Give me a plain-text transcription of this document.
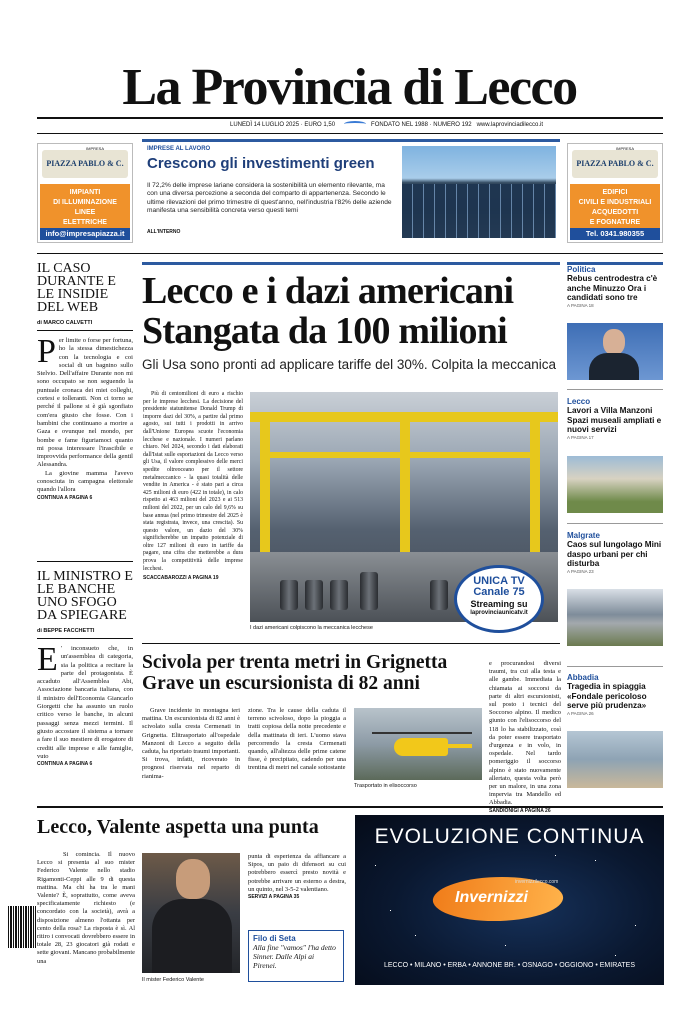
La Provincia di Lecco
LUNEDÌ 14 LUGLIO 2025 · EURO 1,50	FONDATO NEL 1988 · NUMERO 192 www.laprovinciadilecco.it
PIAZZA PABLO & C.
IMPIANTI
DI ILLUMINAZIONE
LINEE
ELETTRICHE
info@impresapiazza.it
IMPRESA	IMPRESE AL LAVORO
Crescono gli investimenti green
Il 72,2% delle imprese lariane considera la sostenibilità un elemento rilevante, ma con una diversa percezione a seconda del comparto di appartenenza. Secondo le ultime rilevazioni del primo trimestre di quest'anno, nell'industria l'82% delle aziende manifesta una sensibilità concreta verso questi temi
ALL'INTERNO
PIAZZA PABLO & C.
EDIFICI
CIVILI E INDUSTRIALI
ACQUEDOTTI
E FOGNATURE
Tel. 0341.980355
IMPRESA
IL CASO DURANTE E LE INSIDIE DEL WEB
di MARCO CALVETTI
Per limite o forse per fortuna, ho la stessa dimestichezza con la tecnologia e coi social di un bagnino sullo Stelvio. Dell'affaire Durante non mi sono occupato se non seguendo la puntuale cronaca dei miei colleghi, cortesi e tolleranti. Non ci torno se perché il pallone si è già sgonfiato com'era giusto che fosse. Con i bambini che continuano a morire a Gaza e ovunque nel mondo, per bombe e fame figuriamoci quanto mi possa interessare l'irascibile e improvvida performance della gentil Alessandra.
La giovine mamma l'avevo conosciuta in campagna elettorale quando l'allora
CONTINUA A PAGINA 6
IL MINISTRO E LE BANCHE UNO SFOGO DA SPIEGARE
di BEPPE FACCHETTI
E ' inconsueto che, in un'assemblea di categoria, sia la politica a recitare la parte del protagonista. È accaduto all'Assemblea Abi, Associazione bancaria italiana, con il ministro dell'Economia Giancarlo Giorgetti che ha assunto un ruolo critico verso le banche, in alcuni passaggi senza mezzi termini. Il giusto accostare il sistema a tornare a fare il suo mestiere di erogatore di crediti alle imprese e alle famiglie, vuto
CONTINUA A PAGINA 6
Lecco e i dazi americani
Stangata da 100 milioni
Gli Usa sono pronti ad applicare tariffe del 30%. Colpita la meccanica
Più di centomilioni di euro a rischio per le imprese lecchesi. La decisione del presidente statunitense Donald Trump di imporre dazi del 30%, a partire dal primo agosto, sui tutti i prodotti in arrivo dall'Unione Europea scuote l'economia lecchese e nazionale. I numeri parlano chiaro. Nel 2024, secondo i dati elaborati dall'Istat sulle esportazioni da Lecco verso gli Usa, il valore complessivo delle merci spedite oltreoceano per il settore metalmeccanico - la quasi totalità delle vendite in America - è stato pari a circa 425 milioni di euro (422 in totale), in calo rispetto ai 463 milioni del 2023 e ai 513 milioni del 2022, per un calo del 9,6% su base annua (nel primo trimestre del 2025 è stata registrata, invece, una crescita). Su questo valore, un dazio del 30% significherebbe un impatto potenziale di oltre 127 milioni di euro in tariffe da pagare, una cifra che metterebbe a dura prova la competitività delle imprese lecchesi.
SCACCABAROZZI A PAGINA 19	UNICA TV
Canale 75
Streaming su
laprovinciaunicatv.it
I dazi americani colpiscono la meccanica lecchese
Politica
Rebus centrodestra c'è anche Minuzzo Ora i candidati sono tre
A PAGINA 18
Lecco
Lavori a Villa Manzoni Spazi museali ampliati e nuovi servizi
A PAGINA 17
Malgrate
Caos sul lungolago Mini daspo urbani per chi disturba
A PAGINA 23
Abbadia
Tragedia in spiaggia «Fondale pericoloso serve più prudenza»
A PAGINA 26
Scivola per trenta metri in Grignetta
Grave un escursionista di 82 anni
Grave incidente in montagna ieri mattina. Un escursionista di 82 anni è scivolato sulla cresta Cermenati in Grignetta. Elitrasportato all'ospedale Manzoni di Lecco a seguito della caduta, ha riportato traumi importanti. Si trova, infatti, ricoverato in prognosi riservata nel reparto di rianima-
zione. Tra le cause della caduta il terreno scivoloso, dopo la pioggia a tratti copiosa della notte precedente e della mattinata di ieri. L'uomo stava percorrendo la cresta Cermenati quando, all'altezza delle prime catene fisse, è precipitato, cadendo per una trentina di metri nel canale sottostante
Trasportato in elisoccorso
e procurandosi diversi traumi, tra cui alla testa e alle gambe. Immediata la chiamata ai soccorsi da parte di altri escursionisti, sul posto i tecnici del Soccorso alpino. Il medico giunto con l'elisoccorso del 118 lo ha stabilizzato, così da poter essere trasportato d'urgenza e in volo, in ospedale. Nel tardo pomeriggio il soccorso alpino è stato nuovamente allertato, questa volta però per un malore, in una zona impervia tra Mandello ed Abbadia.
SANDIONIGI A PAGINA 26
Lecco, Valente aspetta una punta
Si comincia. Il nuovo Lecco si presenta al suo mister Federico Valente nello stadio Rigamonti-Ceppi alle 9 di questa mattina. Ma chi ha tra le mani Valente? È, soprattutto, come aveva specificatamente richiesto (e concordato con la società), avrà a disposizione almeno l'ottanta per cento della rosa? La risposta è sì. Al ritiro i convocati dovrebbero essere in totale 28, 23 giocatori già rodati e sette giovani. Mancano probabilmente una
Il mister Federico Valente
punta di esperienza da affiancare a Sipos, un paio di difensori su cui potrebbero essercì presto novità e potrebbe arrivare un esterno a destra, un quinto, nel 3-5-2 valentiano.
SERVIZI A PAGINA 35
Filo di Seta
Alla fine "vamos" l'ha detto Sinner. Dalle Alpi ai Pirenei.
EVOLUZIONE CONTINUA
Invernizzi
invernizzilecco.com
LECCO • MILANO • ERBA • ANNONE BR. • OSNAGO • OGGIONO • EMIRATES
